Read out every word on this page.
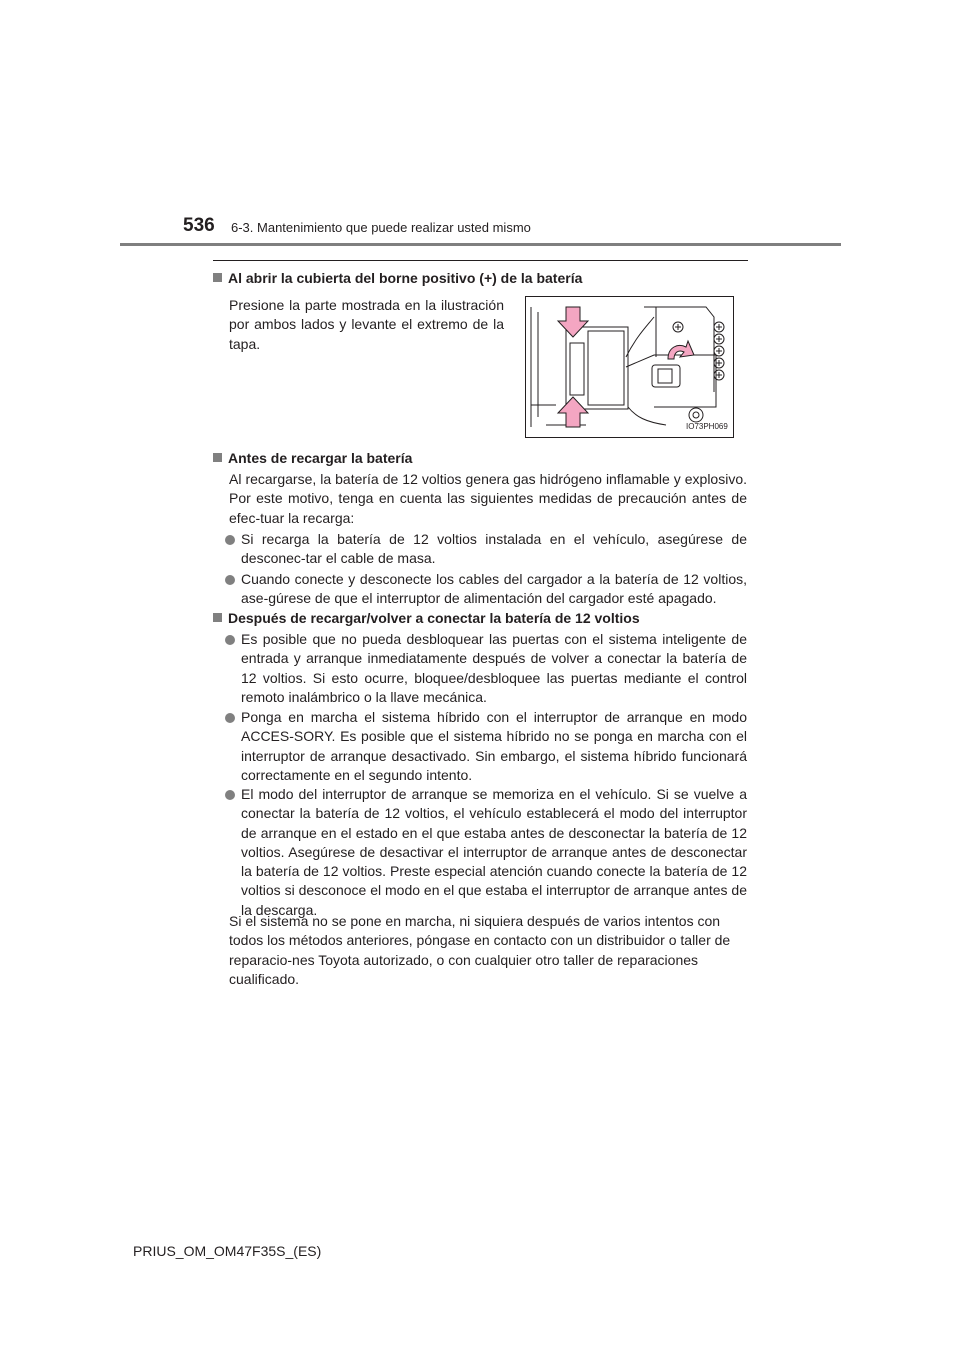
536 6-3. Mantenimiento que puede realizar usted mismo
Al abrir la cubierta del borne positivo (+) de la batería
Presione la parte mostrada en la ilustración por ambos lados y levante el extremo de la tapa.
IO73PH069
Antes de recargar la batería
Al recargarse, la batería de 12 voltios genera gas hidrógeno inflamable y explosivo. Por este motivo, tenga en cuenta las siguientes medidas de precaución antes de efec-tuar la recarga:
Si recarga la batería de 12 voltios instalada en el vehículo, asegúrese de desconec-tar el cable de masa.
Cuando conecte y desconecte los cables del cargador a la batería de 12 voltios, ase-gúrese de que el interruptor de alimentación del cargador esté apagado.
Después de recargar/volver a conectar la batería de 12 voltios
Es posible que no pueda desbloquear las puertas con el sistema inteligente de entrada y arranque inmediatamente después de volver a conectar la batería de 12 voltios. Si esto ocurre, bloquee/desbloquee las puertas mediante el control remoto inalámbrico o la llave mecánica.
Ponga en marcha el sistema híbrido con el interruptor de arranque en modo ACCES-SORY. Es posible que el sistema híbrido no se ponga en marcha con el interruptor de arranque desactivado. Sin embargo, el sistema híbrido funcionará correctamente en el segundo intento.
El modo del interruptor de arranque se memoriza en el vehículo. Si se vuelve a conectar la batería de 12 voltios, el vehículo establecerá el modo del interruptor de arranque en el estado en el que estaba antes de desconectar la batería de 12 voltios. Asegúrese de desactivar el interruptor de arranque antes de desconectar la batería de 12 voltios. Preste especial atención cuando conecte la batería de 12 voltios si desconoce el modo en el que estaba el interruptor de arranque antes de la descarga.
Si el sistema no se pone en marcha, ni siquiera después de varios intentos con todos los métodos anteriores, póngase en contacto con un distribuidor o taller de reparacio-nes Toyota autorizado, o con cualquier otro taller de reparaciones cualificado.
PRIUS_OM_OM47F35S_(ES)
